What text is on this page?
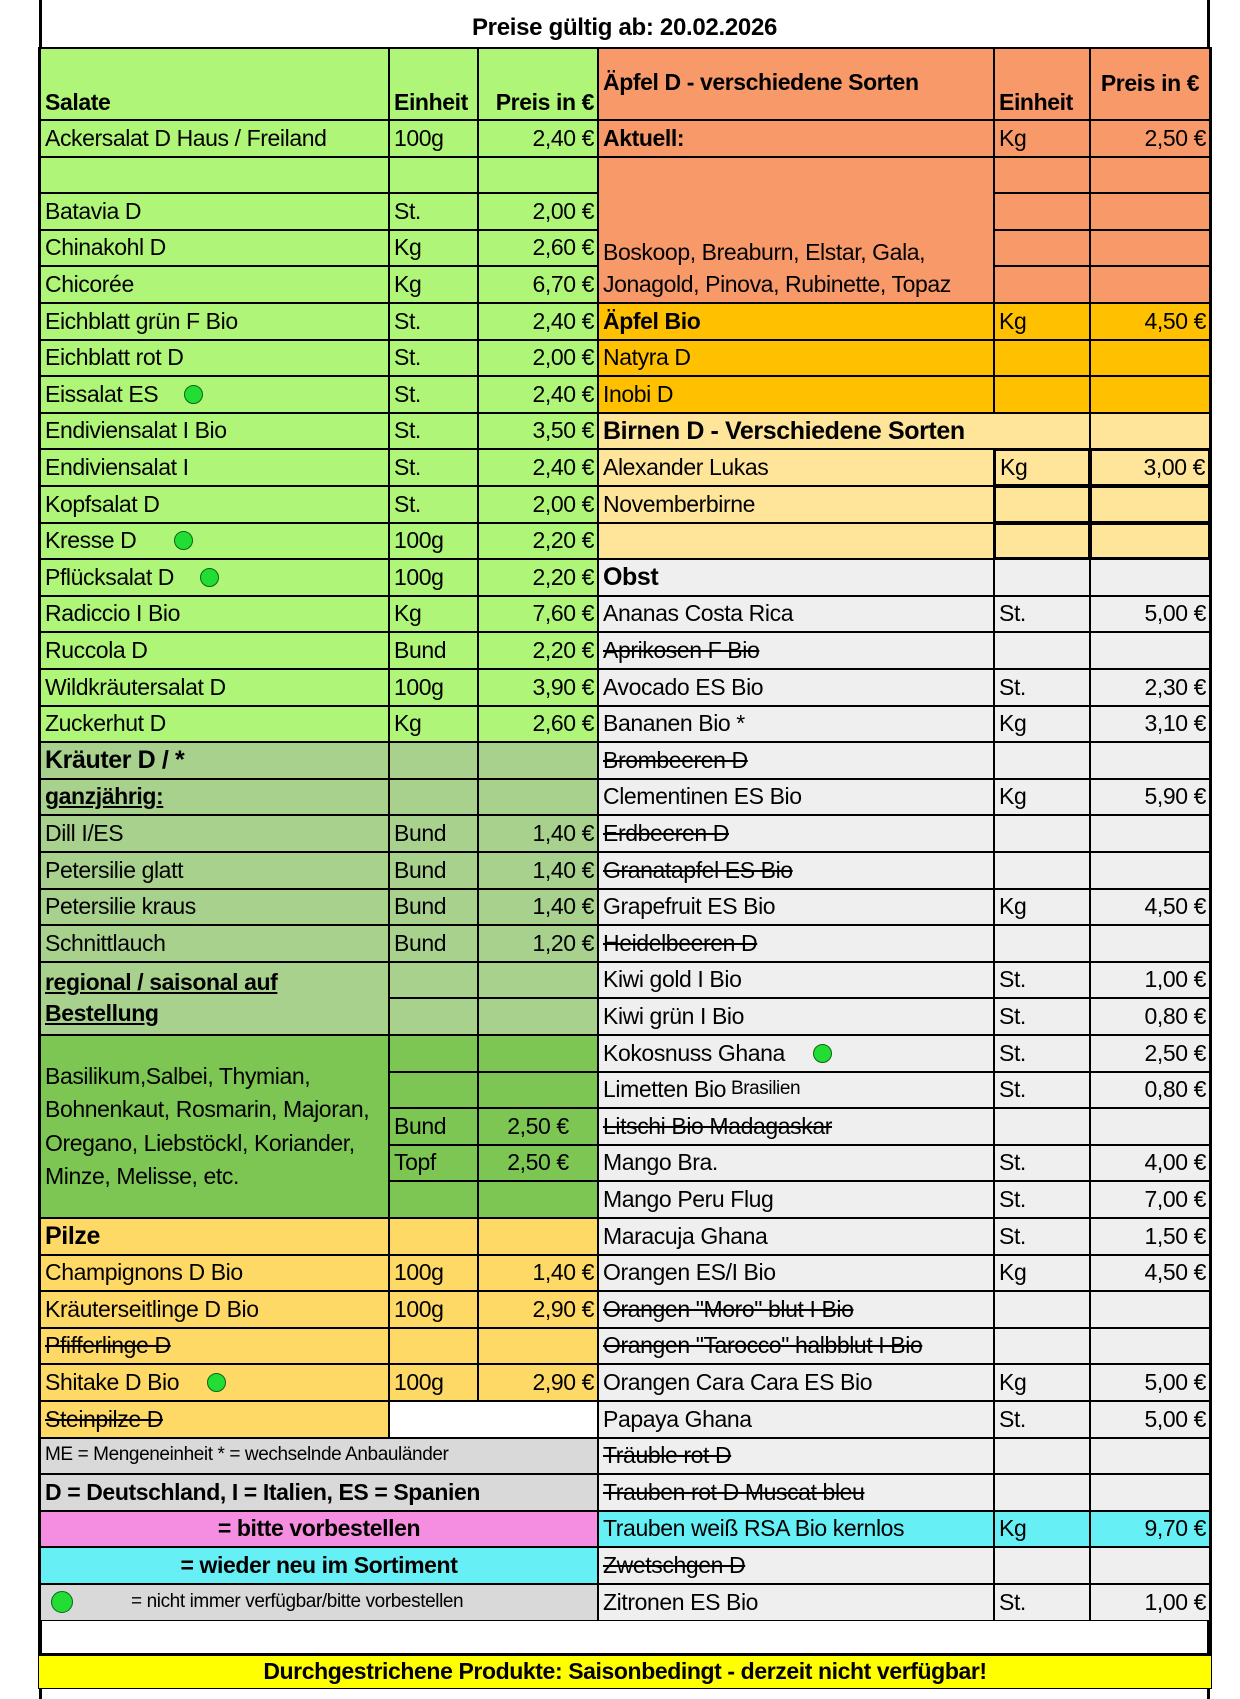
Preise gültig ab: 20.02.2026
Salate	Einheit Preis in €
Ackersalat D Haus / Freiland	100g	2,40 €
Batavia D	St.	2,00 €
Chinakohl D	Kg	2,60 €
Chicorée	Kg	6,70 €
Eichblatt grün F Bio	St.	2,40 €
Eichblatt rot D	St.	2,00 €
Eissalat ES	St.	2,40 €
Endiviensalat I Bio	St.	3,50 €
Endiviensalat I	St.	2,40 €
Kopfsalat D	St.	2,00 €
Kresse D	100g	2,20 €
Pflücksalat D	100g	2,20 €
Radiccio I Bio	Kg	7,60 €
Ruccola D	Bund	2,20 €
Wildkräutersalat D	100g	3,90 €
Zuckerhut D	Kg	2,60 €
Kräuter D / *
ganzjährig:
Dill I/ES	Bund	1,40 €
Petersilie glatt	Bund	1,40 €
Petersilie kraus	Bund	1,40 €
Schnittlauch	Bund	1,20 €
regional / saisonal auf Bestellung
Basilikum,Salbei, Thymian, Bohnenkaut, Rosmarin, Majoran, Oregano, Liebstöckl, Koriander, Minze, Melisse, etc.
Bund	2,50 €
Topf	2,50 €
Pilze
Champignons D Bio	100g	1,40 €
Kräuterseitlinge D Bio	100g	2,90 €
Pfifferlinge D
Shitake D Bio	100g	2,90 €
Steinpilze D
ME = Mengeneinheit * = wechselnde Anbauländer
D = Deutschland, I = Italien, ES = Spanien
= bitte vorbestellen
= wieder neu im Sortiment
= nicht immer verfügbar/bitte vorbestellen
Äpfel D - verschiedene Sorten
Einheit
Preis in €
Aktuell:	Kg	2,50 €
Boskoop, Breaburn, Elstar, Gala, Jonagold, Pinova, Rubinette, Topaz
Äpfel Bio	Kg	4,50 €
Natyra D
Inobi D
Birnen D - Verschiedene Sorten
Alexander Lukas	Kg	3,00 €
Novemberbirne
Obst
Ananas Costa Rica	St.	5,00 €
Aprikosen F Bio
Avocado ES Bio	St.	2,30 €
Bananen Bio *	Kg	3,10 €
Brombeeren D
Clementinen ES Bio	Kg	5,90 €
Erdbeeren D
Granatapfel ES Bio
Grapefruit ES Bio	Kg	4,50 €
Heidelbeeren D
Kiwi gold I Bio	St.	1,00 €
Kiwi grün I Bio	St.	0,80 €
Kokosnuss Ghana	St.	2,50 €
Limetten Bio Brasilien	St.	0,80 €
Litschi Bio Madagaskar
Mango Bra.	St.	4,00 €
Mango Peru Flug	St.	7,00 €
Maracuja Ghana	St.	1,50 €
Orangen ES/I Bio	Kg	4,50 €
Orangen "Moro" blut I Bio
Orangen "Tarocco" halbblut I Bio
Orangen Cara Cara ES Bio	Kg	5,00 €
Papaya Ghana	St.	5,00 €
Träuble rot D
Trauben rot D Muscat bleu
Trauben weiß RSA Bio kernlos	Kg	9,70 €
Zwetschgen D
Zitronen ES Bio	St.	1,00 €
Durchgestrichene Produkte: Saisonbedingt - derzeit nicht verfügbar!
